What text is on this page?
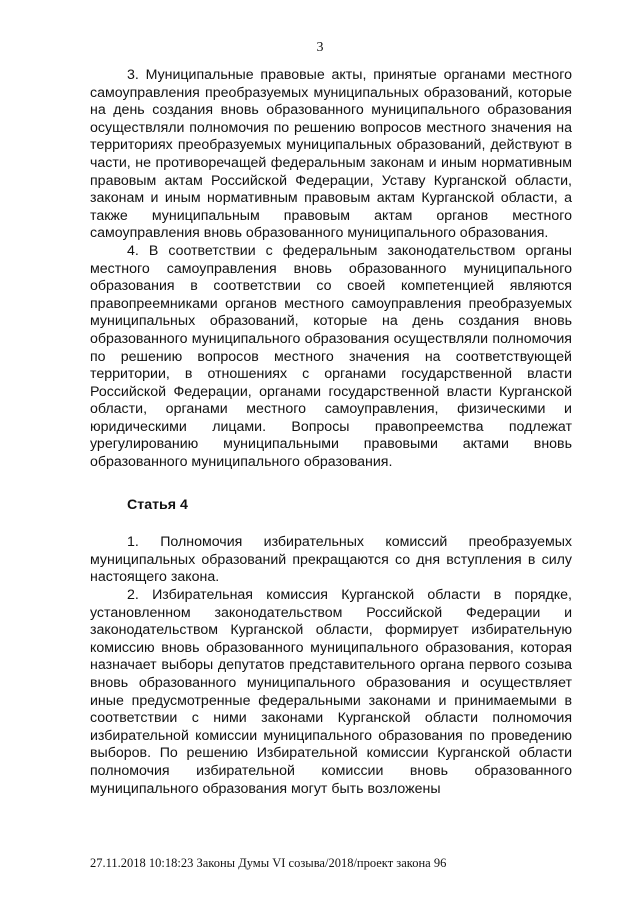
3

3. Муниципальные правовые акты, принятые органами местного самоуправления преобразуемых муниципальных образований, которые на день создания вновь образованного муниципального образования осуществляли полномочия по решению вопросов местного значения на территориях преобразуемых муниципальных образований, действуют в части, не противоречащей федеральным законам и иным нормативным правовым актам Российской Федерации, Уставу Курганской области, законам и иным нормативным правовым актам Курганской области, а также муниципальным правовым актам органов местного самоуправления вновь образованного муниципального образования.

4. В соответствии с федеральным законодательством органы местного самоуправления вновь образованного муниципального образования в соответствии со своей компетенцией являются правопреемниками органов местного самоуправления преобразуемых муниципальных образований, которые на день создания вновь образованного муниципального образования осуществляли полномочия по решению вопросов местного значения на соответствующей территории, в отношениях с органами государственной власти Российской Федерации, органами государственной власти Курганской области, органами местного самоуправления, физическими и юридическими лицами. Вопросы правопреемства подлежат урегулированию муниципальными правовыми актами вновь образованного муниципального образования.

Статья 4

1. Полномочия избирательных комиссий преобразуемых муниципальных образований прекращаются со дня вступления в силу настоящего закона.

2. Избирательная комиссия Курганской области в порядке, установленном законодательством Российской Федерации и законодательством Курганской области, формирует избирательную комиссию вновь образованного муниципального образования, которая назначает выборы депутатов представительного органа первого созыва вновь образованного муниципального образования и осуществляет иные предусмотренные федеральными законами и принимаемыми в соответствии с ними законами Курганской области полномочия избирательной комиссии муниципального образования по проведению выборов. По решению Избирательной комиссии Курганской области полномочия избирательной комиссии вновь образованного муниципального образования могут быть возложены

27.11.2018 10:18:23 Законы Думы VI созыва/2018/проект закона 96
